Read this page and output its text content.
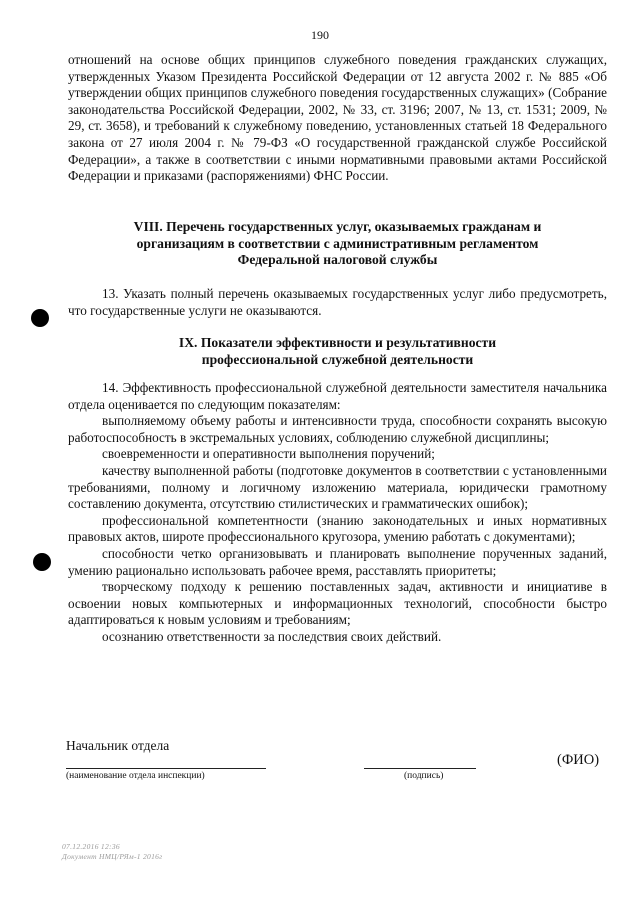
190

отношений на основе общих принципов служебного поведения гражданских служащих, утвержденных Указом Президента Российской Федерации от 12 августа 2002 г. № 885 «Об утверждении общих принципов служебного поведения государственных служащих» (Собрание законодательства Российской Федерации, 2002, № 33, ст. 3196; 2007, № 13, ст. 1531; 2009, № 29, ст. 3658), и требований к служебному поведению, установленных статьей 18 Федерального закона от 27 июля 2004 г. № 79-ФЗ «О государственной гражданской службе Российской Федерации», а также в соответствии с иными нормативными правовыми актами Российской Федерации и приказами (распоряжениями) ФНС России.

VIII. Перечень государственных услуг, оказываемых гражданам и
организациям в соответствии с административным регламентом
Федеральной налоговой службы

13. Указать полный перечень оказываемых государственных услуг либо предусмотреть, что государственные услуги не оказываются.

IX. Показатели эффективности и результативности
профессиональной служебной деятельности

14. Эффективность профессиональной служебной деятельности заместителя начальника отдела оценивается по следующим показателям:

выполняемому объему работы и интенсивности труда, способности сохранять высокую работоспособность в экстремальных условиях, соблюдению служебной дисциплины;

своевременности и оперативности выполнения поручений;

качеству выполненной работы (подготовке документов в соответствии с установленными требованиями, полному и логичному изложению материала, юридически грамотному составлению документа, отсутствию стилистических и грамматических ошибок);

профессиональной компетентности (знанию законодательных и иных нормативных правовых актов, широте профессионального кругозора, умению работать с документами);

способности четко организовывать и планировать выполнение порученных заданий, умению рационально использовать рабочее время, расставлять приоритеты;

творческому подходу к решению поставленных задач, активности и инициативе в освоении новых компьютерных и информационных технологий, способности быстро адаптироваться к новым условиям и требованиям;

осознанию ответственности за последствия своих действий.

Начальник отдела
(наименование отдела инспекции)	(подпись)
(ФИО)
07.12.2016 12:36
Документ НМЦ/РЯм-1 2016г
